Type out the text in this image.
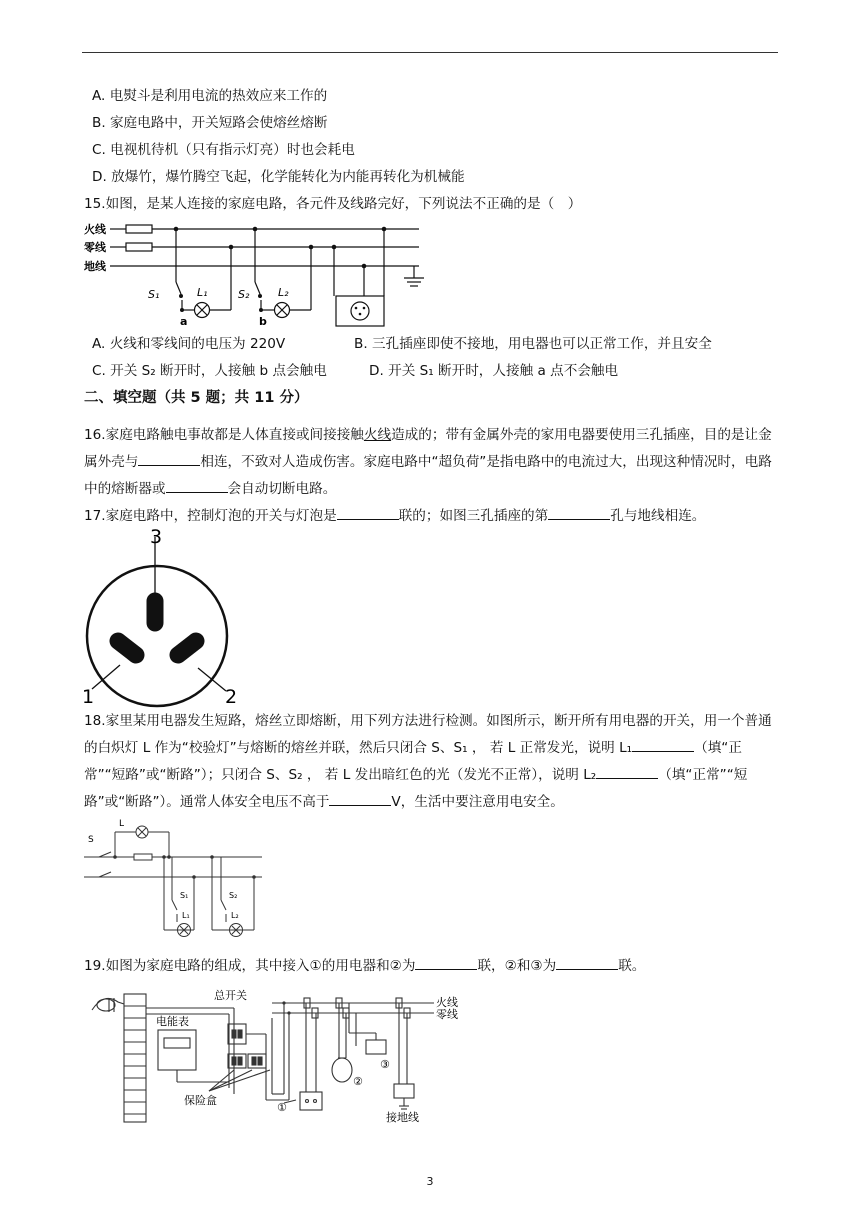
A. 电熨斗是利用电流的热效应来工作的
B. 家庭电路中，开关短路会使熔丝熔断
C. 电视机待机（只有指示灯亮）时也会耗电
D. 放爆竹，爆竹腾空飞起，化学能转化为内能再转化为机械能
15.如图，是某人连接的家庭电路，各元件及线路完好，下列说法不正确的是（　）
火线
零线
地线
S₁	L₁
a
S₂	L₂
b
A. 火线和零线间的电压为 220V	B. 三孔插座即使不接地，用电器也可以正常工作，并且安全
C. 开关 S₂ 断开时，人接触 b 点会触电	D. 开关 S₁ 断开时，人接触 a 点不会触电
二、填空题（共 5 题；共 11 分）
16.家庭电路触电事故都是人体直接或间接接触火线造成的；带有金属外壳的家用电器要使用三孔插座，目的是让金属外壳与	相连，不致对人造成伤害。家庭电路中“超负荷”是指电路中的电流过大，出现这种情况时，电路中的熔断器或	会自动切断电路。
17.家庭电路中，控制灯泡的开关与灯泡是	联的；如图三孔插座的第	孔与地线相连。
3
1	2
18.家里某用电器发生短路，熔丝立即熔断，用下列方法进行检测。如图所示，断开所有用电器的开关，用一个普通的白炽灯 L 作为“校验灯”与熔断的熔丝并联，然后只闭合 S、S₁ ， 若 L 正常发光，说明 L₁	（填“正常”“短路”或“断路”）；只闭合 S、S₂ ， 若 L 发出暗红色的光（发光不正常），说明 L₂	（填“正常”“短路”或“断路”）。通常人体安全电压不高于	V，生活中要注意用电安全。
S
L
S₁
L₁
S₂
L₂
19.如图为家庭电路的组成，其中接入①的用电器和②为	联，②和③为	联。
总开关
电能表
保险盒
火线
零线
接地线
①
②
③
3
